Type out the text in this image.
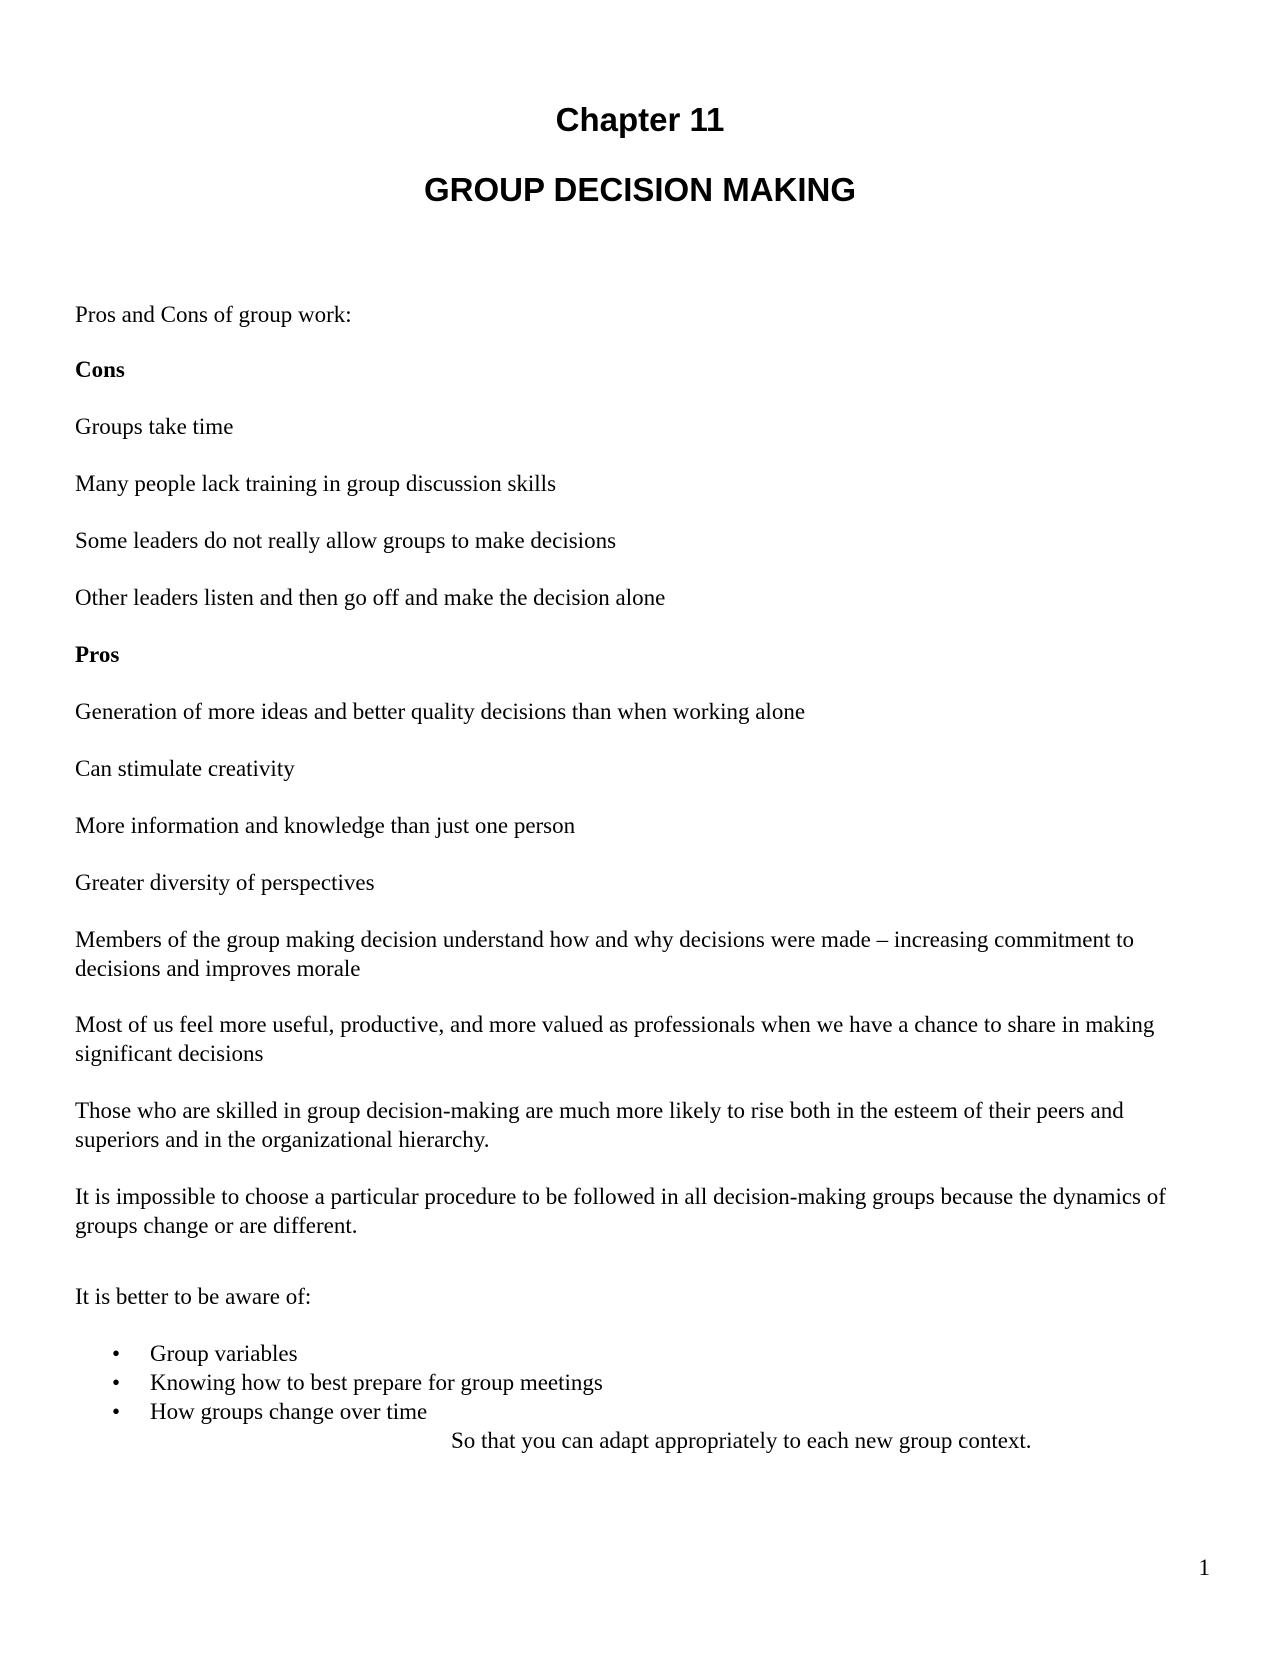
Chapter 11
GROUP DECISION MAKING

Pros and Cons of group work:

Cons

Groups take time

Many people lack training in group discussion skills

Some leaders do not really allow groups to make decisions

Other leaders listen and then go off and make the decision alone

Pros

Generation of more ideas and better quality decisions than when working alone

Can stimulate creativity

More information and knowledge than just one person

Greater diversity of perspectives

Members of the group making decision understand how and why decisions were made – increasing commitment to decisions and improves morale

Most of us feel more useful, productive, and more valued as professionals when we have a chance to share in making significant decisions

Those who are skilled in group decision-making are much more likely to rise both in the esteem of their peers and superiors and in the organizational hierarchy.

It is impossible to choose a particular procedure to be followed in all decision-making groups because the dynamics of groups change or are different.

It is better to be aware of:

•	Group variables
•	Knowing how to best prepare for group meetings
•	How groups change over time

So that you can adapt appropriately to each new group context.

1
